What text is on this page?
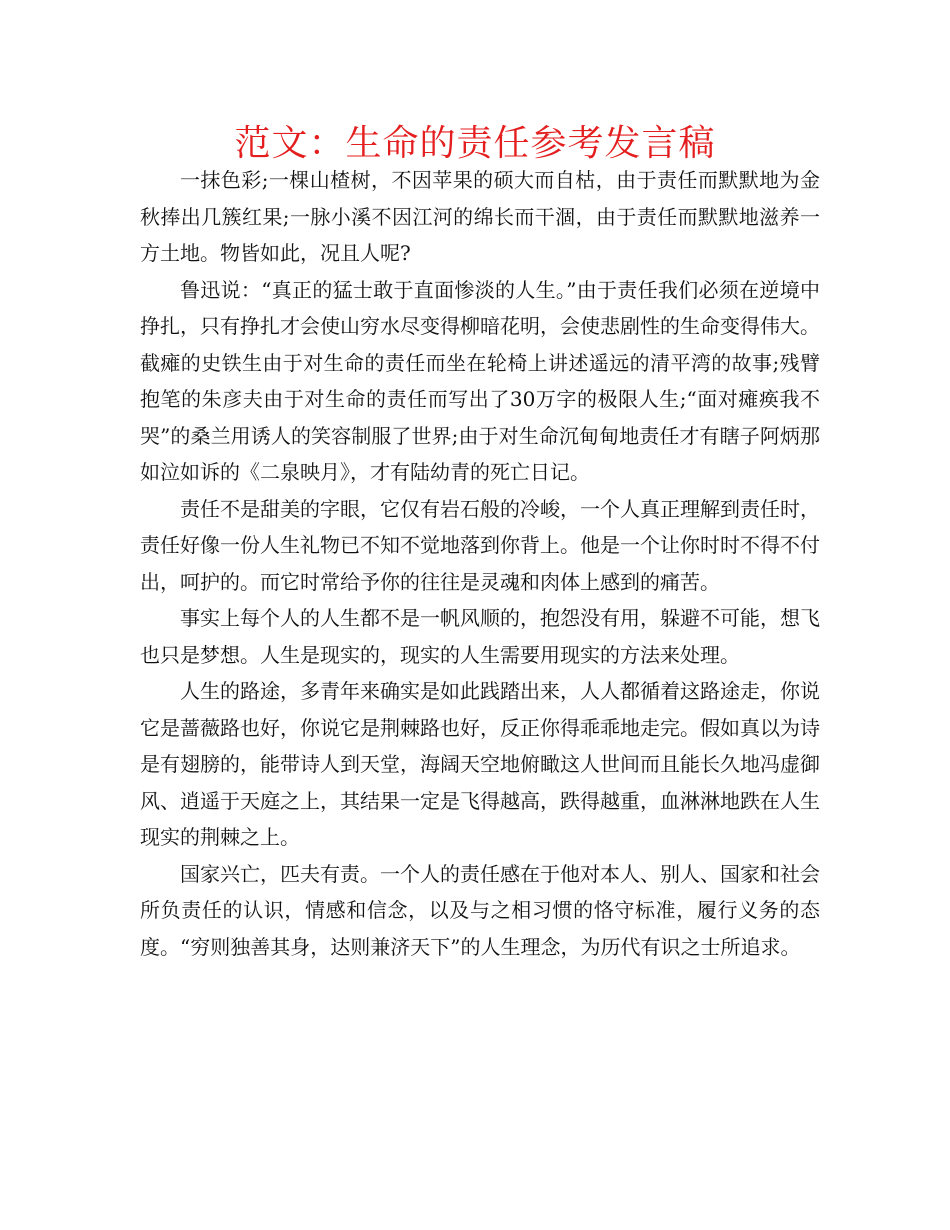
范文：生命的责任参考发言稿

一抹色彩;一棵山楂树，不因苹果的硕大而自枯，由于责任而默默地为金秋捧出几簇红果;一脉小溪不因江河的绵长而干涸，由于责任而默默地滋养一方土地。物皆如此，况且人呢?

鲁迅说：“真正的猛士敢于直面惨淡的人生。”由于责任我们必须在逆境中挣扎，只有挣扎才会使山穷水尽变得柳暗花明，会使悲剧性的生命变得伟大。截瘫的史铁生由于对生命的责任而坐在轮椅上讲述遥远的清平湾的故事;残臂抱笔的朱彦夫由于对生命的责任而写出了30万字的极限人生;“面对瘫痪我不哭”的桑兰用诱人的笑容制服了世界;由于对生命沉甸甸地责任才有瞎子阿炳那如泣如诉的《二泉映月》，才有陆幼青的死亡日记。

责任不是甜美的字眼，它仅有岩石般的冷峻，一个人真正理解到责任时，责任好像一份人生礼物已不知不觉地落到你背上。他是一个让你时时不得不付出，呵护的。而它时常给予你的往往是灵魂和肉体上感到的痛苦。

事实上每个人的人生都不是一帆风顺的，抱怨没有用，躲避不可能，想飞也只是梦想。人生是现实的，现实的人生需要用现实的方法来处理。

人生的路途，多青年来确实是如此践踏出来，人人都循着这路途走，你说它是蔷薇路也好，你说它是荆棘路也好，反正你得乖乖地走完。假如真以为诗是有翅膀的，能带诗人到天堂，海阔天空地俯瞰这人世间而且能长久地冯虚御风、逍遥于天庭之上，其结果一定是飞得越高，跌得越重，血淋淋地跌在人生现实的荆棘之上。

国家兴亡，匹夫有责。一个人的责任感在于他对本人、别人、国家和社会所负责任的认识，情感和信念，以及与之相习惯的恪守标准，履行义务的态度。“穷则独善其身，达则兼济天下”的人生理念，为历代有识之士所追求。
